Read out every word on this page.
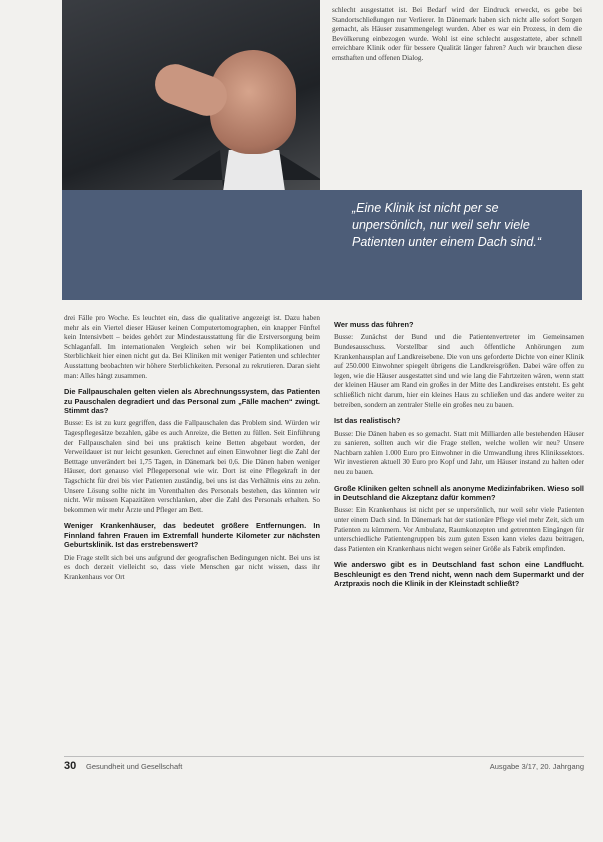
„Eine Klinik ist nicht per se unpersönlich, nur weil sehr viele Patienten unter einem Dach sind.“

schlecht ausgestattet ist. Bei Bedarf wird der Eindruck erweckt, es gebe bei Standortschließungen nur Verlierer. In Dänemark haben sich nicht alle sofort Sorgen gemacht, als Häuser zusammengelegt wurden. Aber es war ein Prozess, in dem die Bevölkerung einbezogen wurde. Wohl ist eine schlecht ausgestattete, aber schnell erreichbare Klinik oder für bessere Qualität länger fahren? Auch wir brauchen diese ernsthaften und offenen Dialog.

drei Fälle pro Woche. Es leuchtet ein, dass die qualitative angezeigt ist. Dazu haben mehr als ein Viertel dieser Häuser keinen Computertomographen, ein knapper Fünftel kein Intensivbett – beides gehört zur Mindestausstattung für die Erstversorgung beim Schlaganfall. Im internationalen Vergleich sehen wir bei Komplikationen und Sterblichkeit hier einen nicht gut da. Bei Kliniken mit weniger Patienten und schlechter Ausstattung beobachten wir höhere Sterblichkeiten. Personal zu rekrutieren. Daran sieht man: Alles hängt zusammen.

Die Fallpauschalen gelten vielen als Abrechnungssystem, das Patienten zu Pauschalen degradiert und das Personal zum „Fälle machen“ zwingt. Stimmt das?

Busse: Es ist zu kurz gegriffen, dass die Fallpauschalen das Problem sind. Würden wir Tagespflegesätze bezahlen, gäbe es auch Anreize, die Betten zu füllen. Seit Einführung der Fallpauschalen sind bei uns praktisch keine Betten abgebaut worden, der Verweildauer ist nur leicht gesunken. Gerechnet auf einen Einwohner liegt die Zahl der Betttage unverändert bei 1,75 Tagen, in Dänemark bei 0,6. Die Dänen haben weniger Häuser, dort genauso viel Pflegepersonal wie wir. Dort ist eine Pflegekraft in der Tagschicht für drei bis vier Patienten zuständig, bei uns ist das Verhältnis eins zu zehn. Unsere Lösung sollte nicht im Vorenthalten des Personals bestehen, das könnten wir nicht. Wir müssen Kapazitäten verschlanken, aber die Zahl des Personals erhalten. So bekommen wir mehr Ärzte und Pfleger am Bett.

Weniger Krankenhäuser, das bedeutet größere Entfernungen. In Finnland fahren Frauen im Extremfall hunderte Kilometer zur nächsten Geburtsklinik. Ist das erstrebenswert?

Die Frage stellt sich bei uns aufgrund der geografischen Bedingungen nicht. Bei uns ist es doch derzeit vielleicht so, dass viele Menschen gar nicht wissen, dass ihr Krankenhaus vor Ort

Wer muss das führen?

Busse: Zunächst der Bund und die Patientenvertreter im Gemeinsamen Bundesausschuss. Vorstellbar sind auch öffentliche Anhörungen zum Krankenhausplan auf Landkreisebene. Die von uns geforderte Dichte von einer Klinik auf 250.000 Einwohner spiegelt übrigens die Landkreisgrößen. Dabei wäre offen zu legen, wie die Häuser ausgestattet sind und wie lang die Fahrtzeiten wären, wenn statt der kleinen Häuser am Rand ein großes in der Mitte des Landkreises entsteht. Es geht schließlich nicht darum, hier ein kleines Haus zu schließen und das andere weiter zu betreiben, sondern an zentraler Stelle ein großes neu zu bauen.

Ist das realistisch?

Busse: Die Dänen haben es so gemacht. Statt mit Milliarden alle bestehenden Häuser zu sanieren, sollten auch wir die Frage stellen, welche wollen wir neu? Unsere Nachbarn zahlen 1.000 Euro pro Einwohner in die Umwandlung ihres Klinikssektors. Wir investieren aktuell 30 Euro pro Kopf und Jahr, um Häuser instand zu halten oder neu zu bauen.

Große Kliniken gelten schnell als anonyme Medizinfabriken. Wieso soll in Deutschland die Akzeptanz dafür kommen?

Busse: Ein Krankenhaus ist nicht per se unpersönlich, nur weil sehr viele Patienten unter einem Dach sind. In Dänemark hat der stationäre Pflege viel mehr Zeit, sich um Patienten zu kümmern. Vor Ambulanz, Raumkonzepten und getrennten Eingängen für unterschiedliche Patientengruppen bis zum guten Essen kann vieles dazu beitragen, dass Patienten ein Krankenhaus nicht wegen seiner Größe als Fabrik empfinden.

Wie anderswo gibt es in Deutschland fast schon eine Landflucht. Beschleunigt es den Trend nicht, wenn nach dem Supermarkt und der Arztpraxis noch die Klinik in der Kleinstadt schließt?

30 Gesundheit und Gesellschaft	Ausgabe 3/17, 20. Jahrgang
